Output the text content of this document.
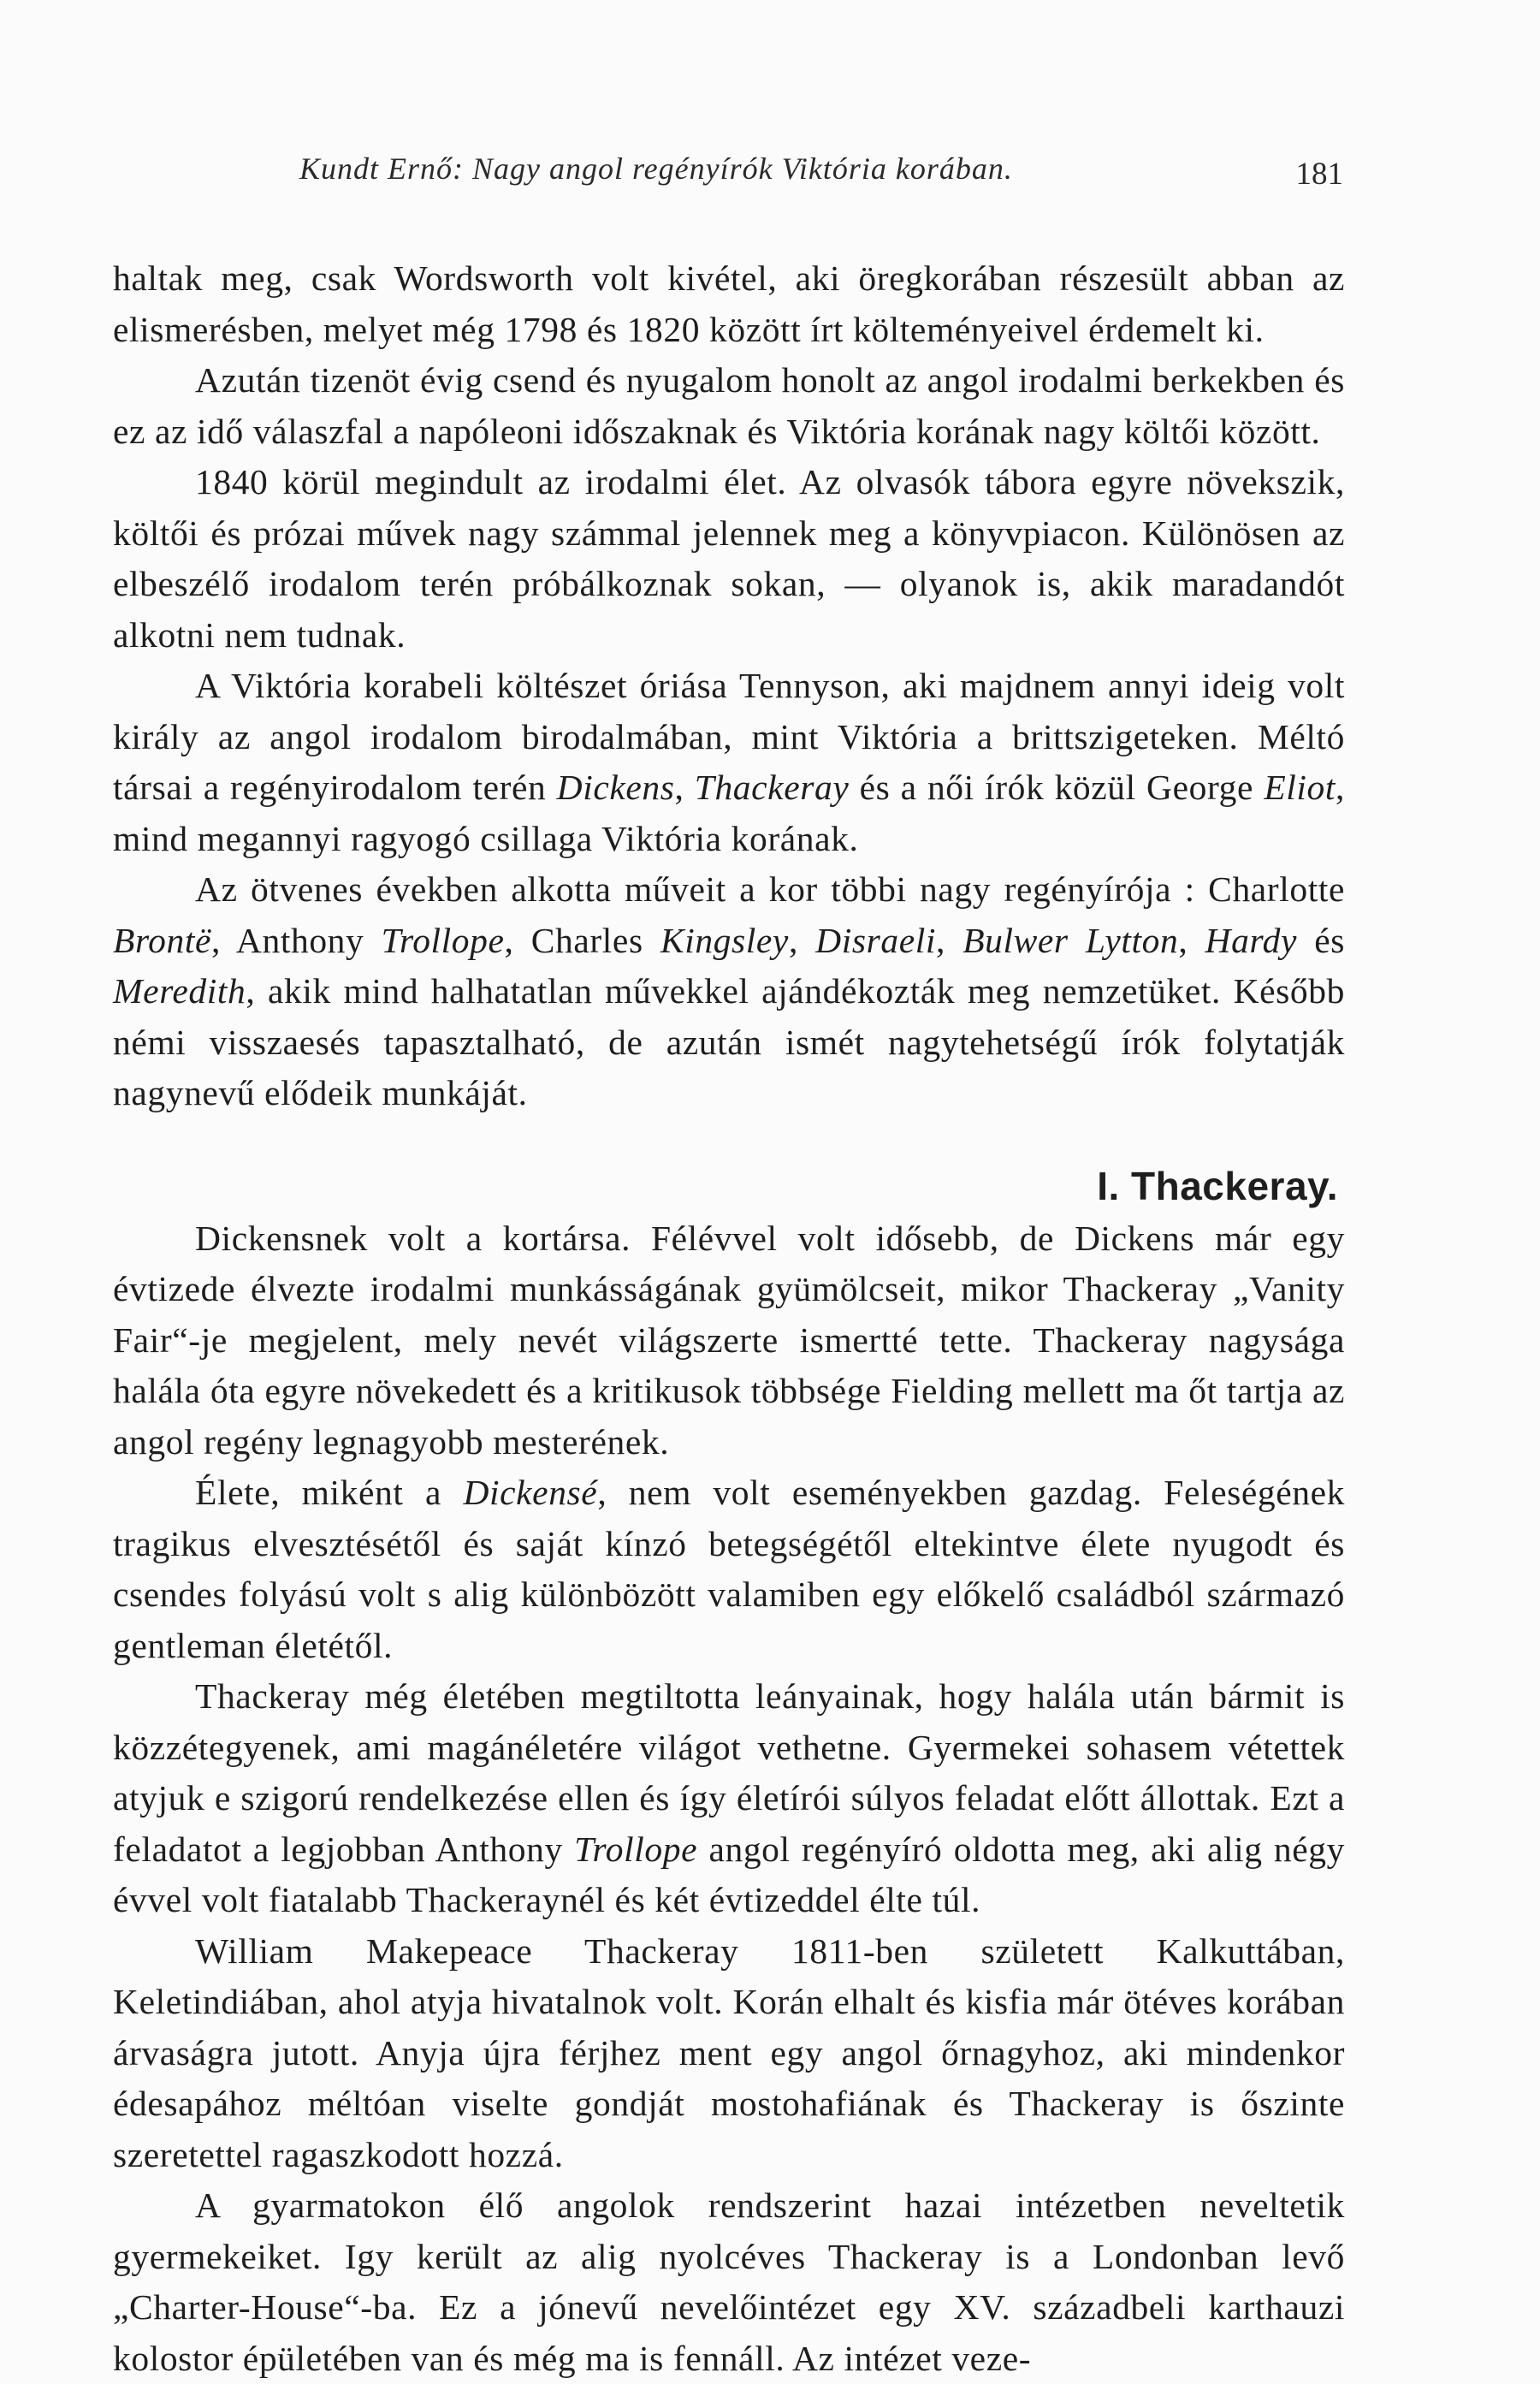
Kundt Ernő: Nagy angol regényírók Viktória korában.	181

haltak meg, csak Wordsworth volt kivétel, aki öregkorában részesült abban az elismerésben, melyet még 1798 és 1820 között írt költeményeivel érdemelt ki.

Azután tizenöt évig csend és nyugalom honolt az angol irodalmi berkekben és ez az idő válaszfal a napóleoni időszaknak és Viktória korának nagy költői között.

1840 körül megindult az irodalmi élet. Az olvasók tábora egyre növekszik, költői és prózai művek nagy számmal jelennek meg a könyvpiacon. Különösen az elbeszélő irodalom terén próbálkoznak sokan, — olyanok is, akik maradandót alkotni nem tudnak.

A Viktória korabeli költészet óriása Tennyson, aki majdnem annyi ideig volt király az angol irodalom birodalmában, mint Viktória a brittszigeteken. Méltó társai a regényirodalom terén Dickens, Thackeray és a női írók közül George Eliot, mind megannyi ragyogó csillaga Viktória korának.

Az ötvenes években alkotta műveit a kor többi nagy regényírója : Charlotte Brontë, Anthony Trollope, Charles Kingsley, Disraeli, Bulwer Lytton, Hardy és Meredith, akik mind halhatatlan művekkel ajándékozták meg nemzetüket. Később némi visszaesés tapasztalható, de azután ismét nagytehetségű írók folytatják nagynevű elődeik munkáját.

I. Thackeray.

Dickensnek volt a kortársa. Félévvel volt idősebb, de Dickens már egy évtizede élvezte irodalmi munkásságának gyümölcseit, mikor Thackeray „Vanity Fair“-je megjelent, mely nevét világszerte ismertté tette. Thackeray nagysága halála óta egyre növekedett és a kritikusok többsége Fielding mellett ma őt tartja az angol regény legnagyobb mesterének.

Élete, miként a Dickensé, nem volt eseményekben gazdag. Feleségének tragikus elvesztésétől és saját kínzó betegségétől eltekintve élete nyugodt és csendes folyású volt s alig különbözött valamiben egy előkelő családból származó gentleman életétől.

Thackeray még életében megtiltotta leányainak, hogy halála után bármit is közzétegyenek, ami magánéletére világot vethetne. Gyermekei sohasem vétettek atyjuk e szigorú rendelkezése ellen és így életírói súlyos feladat előtt állottak. Ezt a feladatot a legjobban Anthony Trollope angol regényíró oldotta meg, aki alig négy évvel volt fiatalabb Thackeraynél és két évtizeddel élte túl.

William Makepeace Thackeray 1811-ben született Kalkuttában, Keletindiában, ahol atyja hivatalnok volt. Korán elhalt és kisfia már ötéves korában árvaságra jutott. Anyja újra férjhez ment egy angol őrnagyhoz, aki mindenkor édesapához méltóan viselte gondját mostohafiának és Thackeray is őszinte szeretettel ragaszkodott hozzá.

A gyarmatokon élő angolok rendszerint hazai intézetben neveltetik gyermekeiket. Igy került az alig nyolcéves Thackeray is a Londonban levő „Charter-House“-ba. Ez a jónevű nevelőintézet egy XV. századbeli karthauzi kolostor épületében van és még ma is fennáll. Az intézet veze-
